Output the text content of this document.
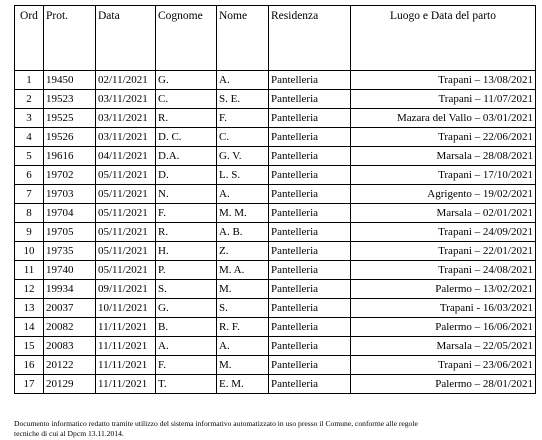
Ord	Prot.	Data	Cognome	Nome	Residenza	Luogo e Data del parto
1	19450	02/11/2021	G.	A.	Pantelleria	Trapani – 13/08/2021
2	19523	03/11/2021	C.	S. E.	Pantelleria	Trapani – 11/07/2021
3	19525	03/11/2021	R.	F.	Pantelleria	Mazara del Vallo – 03/01/2021
4	19526	03/11/2021	D. C.	C.	Pantelleria	Trapani – 22/06/2021
5	19616	04/11/2021	D.A.	G. V.	Pantelleria	Marsala – 28/08/2021
6	19702	05/11/2021	D.	L. S.	Pantelleria	Trapani – 17/10/2021
7	19703	05/11/2021	N.	A.	Pantelleria	Agrigento – 19/02/2021
8	19704	05/11/2021	F.	M. M.	Pantelleria	Marsala – 02/01/2021
9	19705	05/11/2021	R.	A. B.	Pantelleria	Trapani – 24/09/2021
10	19735	05/11/2021	H.	Z.	Pantelleria	Trapani – 22/01/2021
11	19740	05/11/2021	P.	M. A.	Pantelleria	Trapani – 24/08/2021
12	19934	09/11/2021	S.	M.	Pantelleria	Palermo – 13/02/2021
13	20037	10/11/2021	G.	S.	Pantelleria	Trapani - 16/03/2021
14	20082	11/11/2021	B.	R. F.	Pantelleria	Palermo – 16/06/2021
15	20083	11/11/2021	A.	A.	Pantelleria	Marsala – 22/05/2021
16	20122	11/11/2021	F.	M.	Pantelleria	Trapani – 23/06/2021
17	20129	11/11/2021	T.	E. M.	Pantelleria	Palermo – 28/01/2021
Documento informatico redatto tramite utilizzo del sistema informativo automatizzato in uso presso il Comune, conforme alle regole
tecniche di cui al Dpcm 13.11.2014.
